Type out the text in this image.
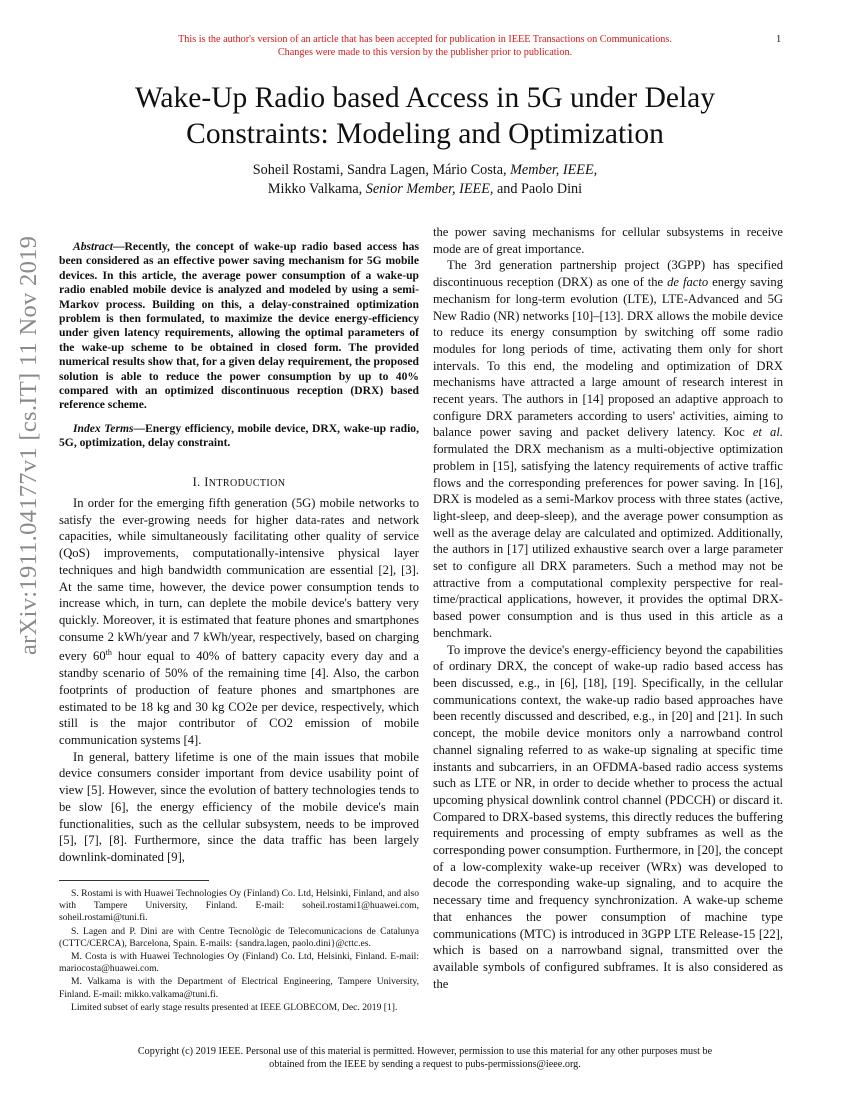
This is the author's version of an article that has been accepted for publication in IEEE Transactions on Communications.
Changes were made to this version by the publisher prior to publication.
1
arXiv:1911.04177v1 [cs.IT] 11 Nov 2019
Wake-Up Radio based Access in 5G under Delay
Constraints: Modeling and Optimization
Soheil Rostami, Sandra Lagen, Mário Costa, Member, IEEE,
Mikko Valkama, Senior Member, IEEE, and Paolo Dini
Abstract—Recently, the concept of wake-up radio based access has been considered as an effective power saving mechanism for 5G mobile devices. In this article, the average power consumption of a wake-up radio enabled mobile device is analyzed and modeled by using a semi-Markov process. Building on this, a delay-constrained optimization problem is then formulated, to maximize the device energy-efficiency under given latency requirements, allowing the optimal parameters of the wake-up scheme to be obtained in closed form. The provided numerical results show that, for a given delay requirement, the proposed solution is able to reduce the power consumption by up to 40% compared with an optimized discontinuous reception (DRX) based reference scheme.
Index Terms—Energy efficiency, mobile device, DRX, wake-up radio, 5G, optimization, delay constraint.
I. INTRODUCTION

In order for the emerging fifth generation (5G) mobile networks to satisfy the ever-growing needs for higher data-rates and network capacities, while simultaneously facilitating other quality of service (QoS) improvements, computationally-intensive physical layer techniques and high bandwidth communication are essential [2], [3]. At the same time, however, the device power consumption tends to increase which, in turn, can deplete the mobile device's battery very quickly. Moreover, it is estimated that feature phones and smartphones consume 2 kWh/year and 7 kWh/year, respectively, based on charging every 60th hour equal to 40% of battery capacity every day and a standby scenario of 50% of the remaining time [4]. Also, the carbon footprints of production of feature phones and smartphones are estimated to be 18 kg and 30 kg CO2e per device, respectively, which still is the major contributor of CO2 emission of mobile communication systems [4].

In general, battery lifetime is one of the main issues that mobile device consumers consider important from device usability point of view [5]. However, since the evolution of battery technologies tends to be slow [6], the energy efficiency of the mobile device's main functionalities, such as the cellular subsystem, needs to be improved [5], [7], [8]. Furthermore, since the data traffic has been largely downlink-dominated [9],

S. Rostami is with Huawei Technologies Oy (Finland) Co. Ltd, Helsinki, Finland, and also with Tampere University, Finland. E-mail: soheil.rostami1@huawei.com, soheil.rostami@tuni.fi.

S. Lagen and P. Dini are with Centre Tecnològic de Telecomunicacions de Catalunya (CTTC/CERCA), Barcelona, Spain. E-mails: {sandra.lagen, paolo.dini}@cttc.es.

M. Costa is with Huawei Technologies Oy (Finland) Co. Ltd, Helsinki, Finland. E-mail: mariocosta@huawei.com.

M. Valkama is with the Department of Electrical Engineering, Tampere University, Finland. E-mail: mikko.valkama@tuni.fi.

Limited subset of early stage results presented at IEEE GLOBECOM, Dec. 2019 [1].

the power saving mechanisms for cellular subsystems in receive mode are of great importance.

The 3rd generation partnership project (3GPP) has specified discontinuous reception (DRX) as one of the de facto energy saving mechanism for long-term evolution (LTE), LTE-Advanced and 5G New Radio (NR) networks [10]–[13]. DRX allows the mobile device to reduce its energy consumption by switching off some radio modules for long periods of time, activating them only for short intervals. To this end, the modeling and optimization of DRX mechanisms have attracted a large amount of research interest in recent years. The authors in [14] proposed an adaptive approach to configure DRX parameters according to users' activities, aiming to balance power saving and packet delivery latency. Koc et al. formulated the DRX mechanism as a multi-objective optimization problem in [15], satisfying the latency requirements of active traffic flows and the corresponding preferences for power saving. In [16], DRX is modeled as a semi-Markov process with three states (active, light-sleep, and deep-sleep), and the average power consumption as well as the average delay are calculated and optimized. Additionally, the authors in [17] utilized exhaustive search over a large parameter set to configure all DRX parameters. Such a method may not be attractive from a computational complexity perspective for real-time/practical applications, however, it provides the optimal DRX-based power consumption and is thus used in this article as a benchmark.

To improve the device's energy-efficiency beyond the capabilities of ordinary DRX, the concept of wake-up radio based access has been discussed, e.g., in [6], [18], [19]. Specifically, in the cellular communications context, the wake-up radio based approaches have been recently discussed and described, e.g., in [20] and [21]. In such concept, the mobile device monitors only a narrowband control channel signaling referred to as wake-up signaling at specific time instants and subcarriers, in an OFDMA-based radio access systems such as LTE or NR, in order to decide whether to process the actual upcoming physical downlink control channel (PDCCH) or discard it. Compared to DRX-based systems, this directly reduces the buffering requirements and processing of empty subframes as well as the corresponding power consumption. Furthermore, in [20], the concept of a low-complexity wake-up receiver (WRx) was developed to decode the corresponding wake-up signaling, and to acquire the necessary time and frequency synchronization. A wake-up scheme that enhances the power consumption of machine type communications (MTC) is introduced in 3GPP LTE Release-15 [22], which is based on a narrowband signal, transmitted over the available symbols of configured subframes. It is also considered as the

Copyright (c) 2019 IEEE. Personal use of this material is permitted. However, permission to use this material for any other purposes must be
obtained from the IEEE by sending a request to pubs-permissions@ieee.org.
